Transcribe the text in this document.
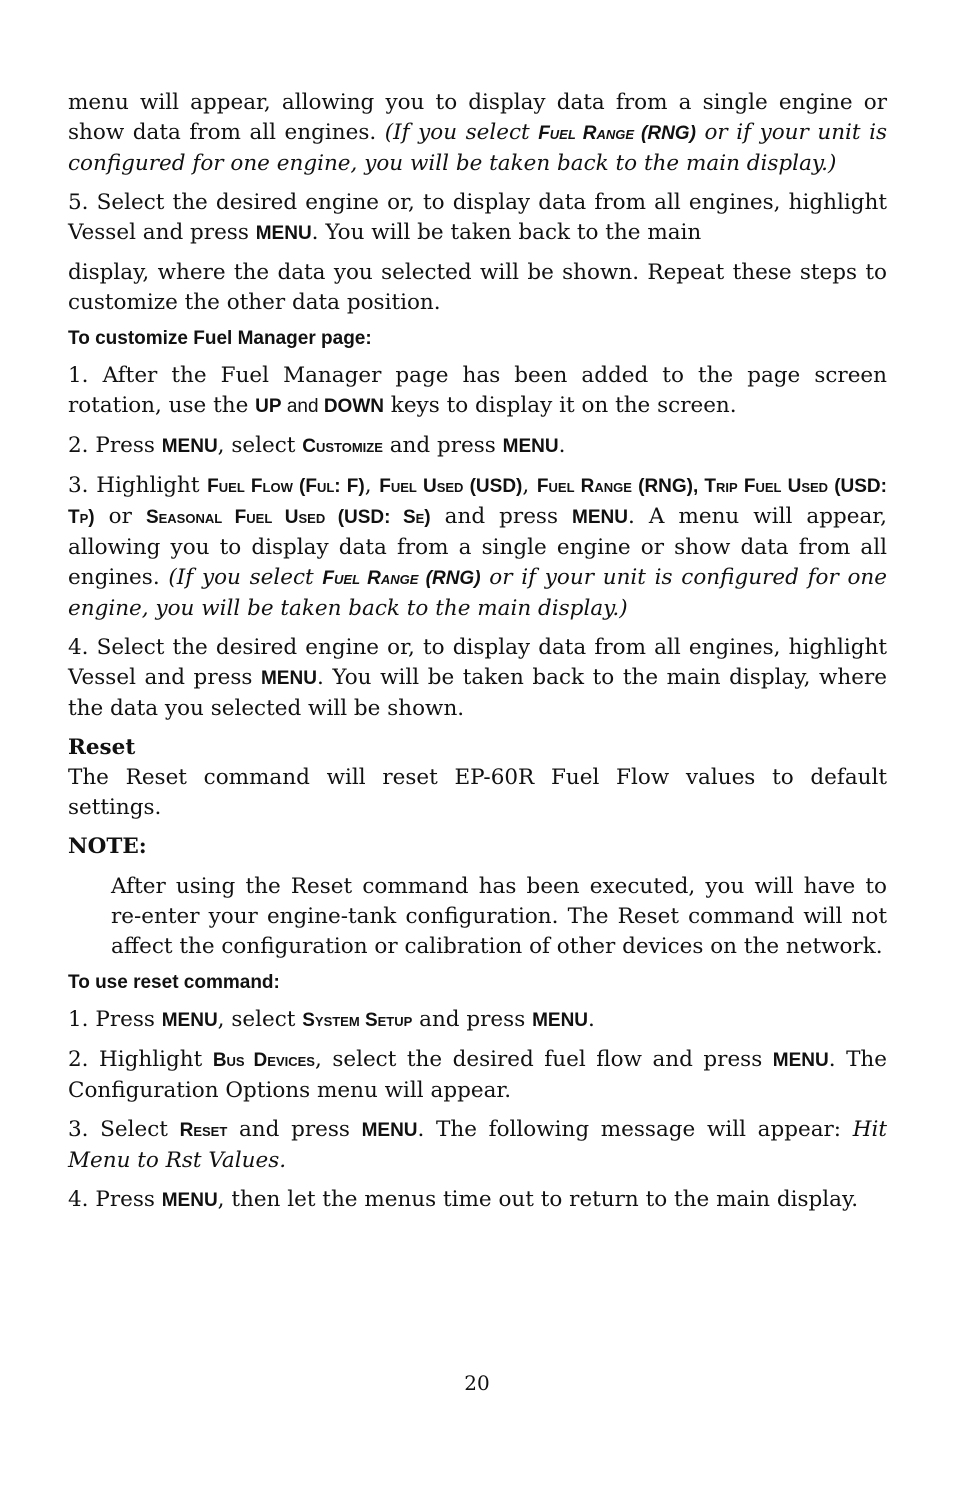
menu will appear, allowing you to display data from a single engine or show data from all engines. (If you select Fuel Range (RNG) or if your unit is configured for one engine, you will be taken back to the main display.)

5. Select the desired engine or, to display data from all engines, highlight Vessel and press MENU. You will be taken back to the main

display, where the data you selected will be shown. Repeat these steps to customize the other data position.

To customize Fuel Manager page:

1. After the Fuel Manager page has been added to the page screen rotation, use the UP and DOWN keys to display it on the screen.

2. Press MENU, select Customize and press MENU.

3. Highlight Fuel Flow (Ful: F), Fuel Used (USD), Fuel Range (RNG), Trip Fuel Used (USD: Tp) or Seasonal Fuel Used (USD: Se) and press MENU. A menu will appear, allowing you to display data from a single engine or show data from all engines. (If you select Fuel Range (RNG) or if your unit is configured for one engine, you will be taken back to the main display.)

4. Select the desired engine or, to display data from all engines, highlight Vessel and press MENU. You will be taken back to the main display, where the data you selected will be shown.

Reset

The Reset command will reset EP-60R Fuel Flow values to default settings.

NOTE:

After using the Reset command has been executed, you will have to re-enter your engine-tank configuration. The Reset command will not affect the configuration or calibration of other devices on the network.

To use reset command:

1. Press MENU, select System Setup and press MENU.

2. Highlight Bus Devices, select the desired fuel flow and press MENU. The Configuration Options menu will appear.

3. Select Reset and press MENU. The following message will appear: Hit Menu to Rst Values.

4. Press MENU, then let the menus time out to return to the main display.

20
